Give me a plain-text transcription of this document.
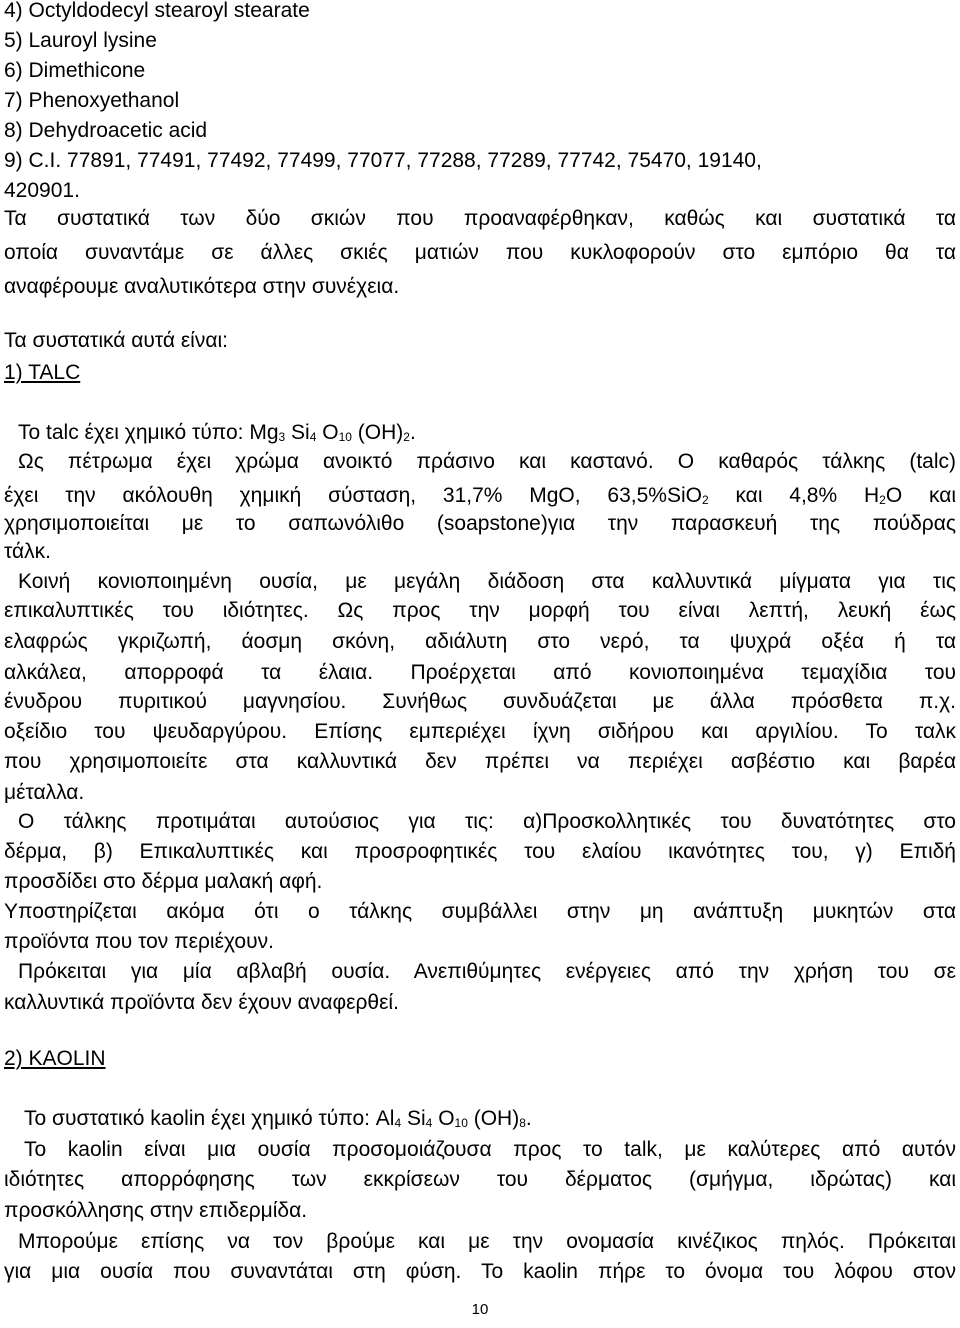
4) Octyldodecyl stearoyl stearate
5) Lauroyl lysine
6) Dimethicone
7) Phenoxyethanol
8) Dehydroacetic acid
9) C.I. 77891, 77491, 77492, 77499, 77077, 77288, 77289, 77742, 75470, 19140,
420901.
Τα συστατικά των δύο σκιών που προαναφέρθηκαν, καθώς και συστατικά τα
οποία συναντάμε σε άλλες σκιές ματιών που κυκλοφορούν στο εμπόριο θα τα
αναφέρουμε αναλυτικότερα στην συνέχεια.
Τα συστατικά αυτά είναι:
1) TALC
Το talc έχει χημικό τύπο: $Mg_3$ $Si_4$ $O_{10}$ $(OH)_2$.
Ως πέτρωμα έχει χρώμα ανοικτό πράσινο και καστανό. Ο καθαρός τάλκης (talc)
έχει την ακόλουθη χημική σύσταση, 31,7% MgO, 63,5%SiO$_2$ και 4,8% $H_2O$ και
χρησιμοποιείται με το σαπωνόλιθο (soapstone)για την παρασκευή της πούδρας
τάλκ.
Κοινή κονιοποιημένη ουσία, με μεγάλη διάδοση στα καλλυντικά μίγματα για τις
επικαλυπτικές του ιδιότητες. Ως προς την μορφή του είναι λεπτή, λευκή έως
ελαφρώς γκριζωπή, άοσμη σκόνη, αδιάλυτη στο νερό, τα ψυχρά οξέα ή τα
αλκάλεα, απορροφά τα έλαια. Προέρχεται από κονιοποιημένα τεμαχίδια του
ένυδρου πυριτικού μαγνησίου. Συνήθως συνδυάζεται με άλλα πρόσθετα π.χ.
οξείδιο του ψευδαργύρου. Επίσης εμπεριέχει ίχνη σιδήρου και αργιλίου. Το ταλκ
που χρησιμοποιείτε στα καλλυντικά δεν πρέπει να περιέχει ασβέστιο και βαρέα
μέταλλα.
Ο τάλκης προτιμάται αυτούσιος για τις: α)Προσκολλητικές του δυνατότητες στο
δέρμα, β) Επικαλυπτικές και προσροφητικές του ελαίου ικανότητες του, γ) Επιδή
προσδίδει στο δέρμα μαλακή αφή.
Υποστηρίζεται ακόμα ότι ο τάλκης συμβάλλει στην μη ανάπτυξη μυκητών στα
προϊόντα που τον περιέχουν.
Πρόκειται για μία αβλαβή ουσία. Ανεπιθύμητες ενέργειες από την χρήση του σε
καλλυντικά προϊόντα δεν έχουν αναφερθεί.
2) KAOLIN
Το συστατικό kaolin έχει χημικό τύπο: $Al_4$ $Si_4$ $O_{10}$ $(OH)_8$.
Το kaolin είναι μια ουσία προσομοιάζουσα προς το talk, με καλύτερες από αυτόν
ιδιότητες απορρόφησης των εκκρίσεων του δέρματος (σμήγμα, ιδρώτας) και
προσκόλλησης στην επιδερμίδα.
Μπορούμε επίσης να τον βρούμε και με την ονομασία κινέζικος πηλός. Πρόκειται
για μια ουσία που συναντάται στη φύση. Το kaolin πήρε το όνομα του λόφου στον
10
